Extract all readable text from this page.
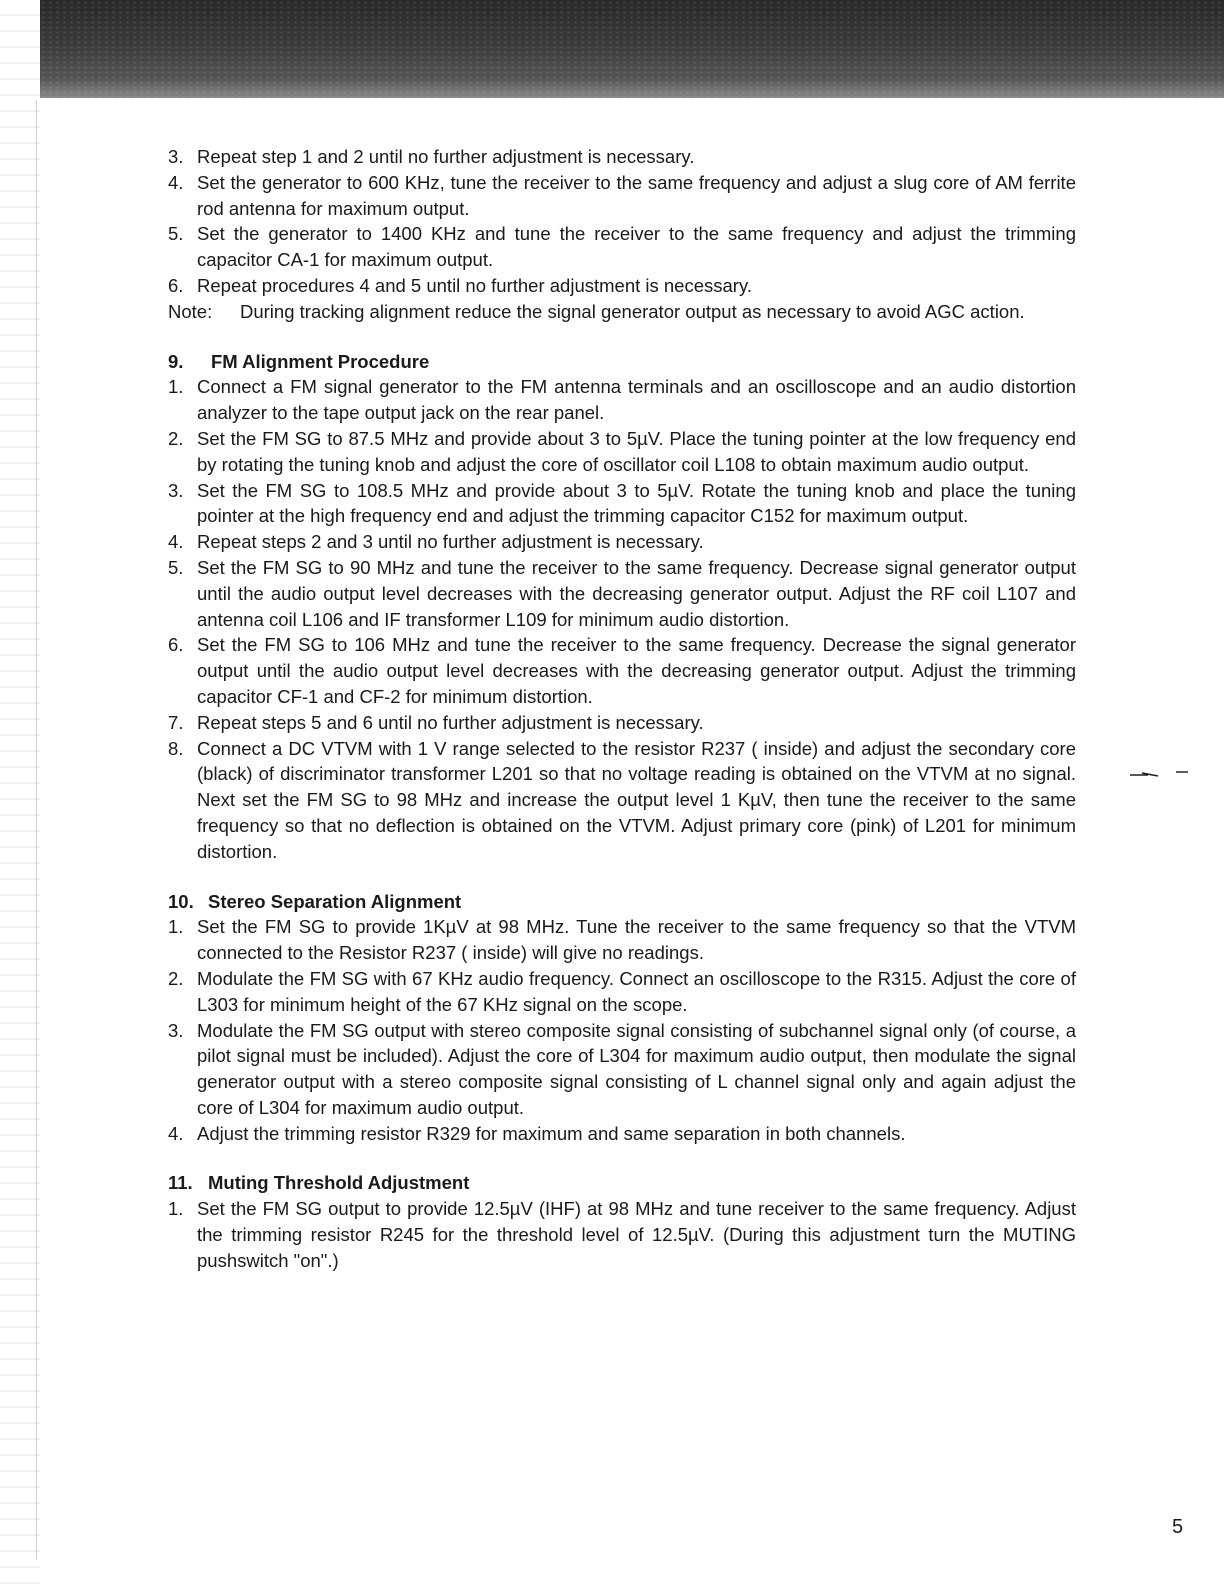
3. Repeat step 1 and 2 until no further adjustment is necessary.
4. Set the generator to 600 KHz, tune the receiver to the same frequency and adjust a slug core of AM ferrite rod antenna for maximum output.
5. Set the generator to 1400 KHz and tune the receiver to the same frequency and adjust the trimming capacitor CA-1 for maximum output.
6. Repeat procedures 4 and 5 until no further adjustment is necessary.
Note:	During tracking alignment reduce the signal generator output as necessary to avoid AGC action.
9.	FM Alignment Procedure
1. Connect a FM signal generator to the FM antenna terminals and an oscilloscope and an audio distortion analyzer to the tape output jack on the rear panel.
2. Set the FM SG to 87.5 MHz and provide about 3 to 5µV. Place the tuning pointer at the low frequency end by rotating the tuning knob and adjust the core of oscillator coil L108 to obtain maximum audio output.
3. Set the FM SG to 108.5 MHz and provide about 3 to 5µV. Rotate the tuning knob and place the tuning pointer at the high frequency end and adjust the trimming capacitor C152 for maximum output.
4. Repeat steps 2 and 3 until no further adjustment is necessary.
5. Set the FM SG to 90 MHz and tune the receiver to the same frequency. Decrease signal generator output until the audio output level decreases with the decreasing generator output. Adjust the RF coil L107 and antenna coil L106 and IF transformer L109 for minimum audio distortion.
6. Set the FM SG to 106 MHz and tune the receiver to the same frequency. Decrease the signal generator output until the audio output level decreases with the decreasing generator output. Adjust the trimming capacitor CF-1 and CF-2 for minimum distortion.
7. Repeat steps 5 and 6 until no further adjustment is necessary.
8. Connect a DC VTVM with 1 V range selected to the resistor R237 ( inside) and adjust the secondary core (black) of discriminator transformer L201 so that no voltage reading is obtained on the VTVM at no signal. Next set the FM SG to 98 MHz and increase the output level 1 KµV, then tune the receiver to the same frequency so that no deflection is obtained on the VTVM. Adjust primary core (pink) of L201 for minimum distortion.
10. Stereo Separation Alignment
1. Set the FM SG to provide 1KµV at 98 MHz. Tune the receiver to the same frequency so that the VTVM connected to the Resistor R237 ( inside) will give no readings.
2. Modulate the FM SG with 67 KHz audio frequency. Connect an oscilloscope to the R315. Adjust the core of L303 for minimum height of the 67 KHz signal on the scope.
3. Modulate the FM SG output with stereo composite signal consisting of subchannel signal only (of course, a pilot signal must be included). Adjust the core of L304 for maximum audio output, then modulate the signal generator output with a stereo composite signal consisting of L channel signal only and again adjust the core of L304 for maximum audio output.
4. Adjust the trimming resistor R329 for maximum and same separation in both channels.
11. Muting Threshold Adjustment
1. Set the FM SG output to provide 12.5µV (IHF) at 98 MHz and tune receiver to the same frequency. Adjust the trimming resistor R245 for the threshold level of 12.5µV. (During this adjustment turn the MUTING pushswitch "on".)
5
